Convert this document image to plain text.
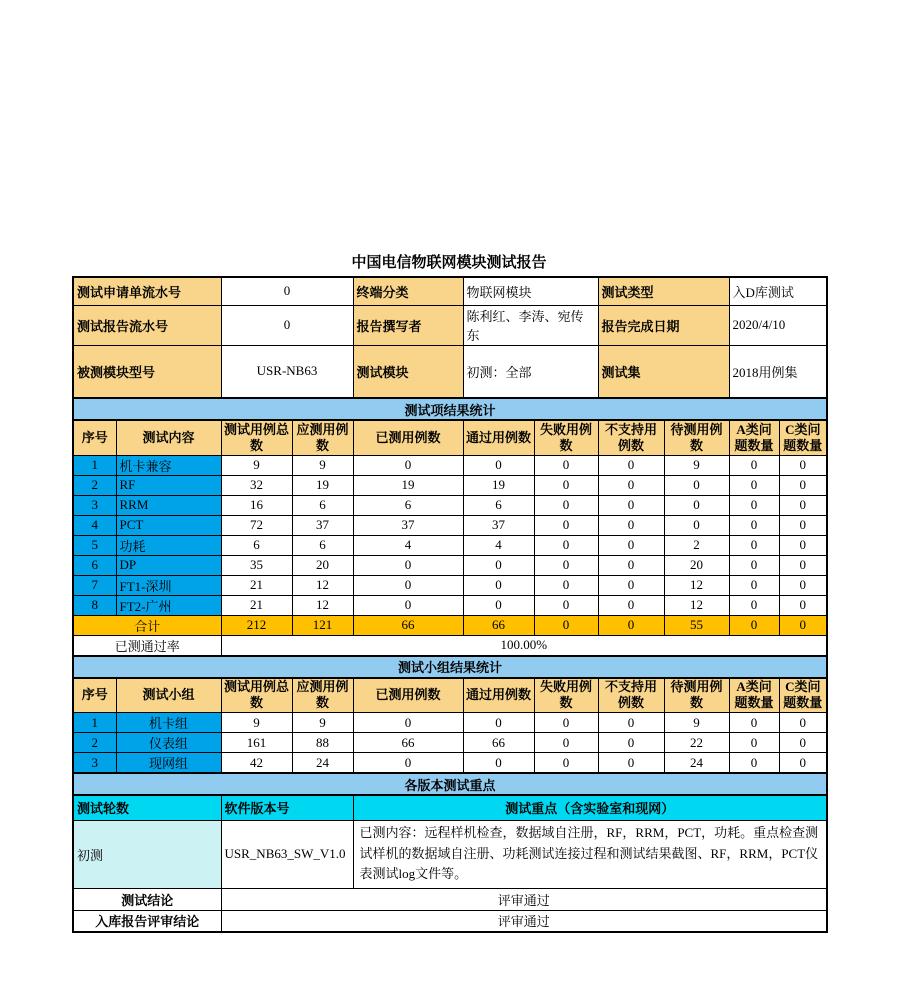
中国电信物联网模块测试报告
测试申请单流水号		0		终端分类	物联网模块		测试类型		入D库测试	
测试报告流水号		0		报告撰写者	陈利红、李涛、宛传东		报告完成日期		2020/4/10	
被测模块型号		USR-NB63		测试模块	初测：全部		测试集		2018用例集	
测试项结果统计										
序号	测试内容	测试用例总数	应测用例数	已测用例数	通过用例数	失败用例数	不支持用例数	待测用例数	A类问题数量	C类问题数量
1	机卡兼容	9	9	0	0	0	0	9	0	0
2	RF	32	19	19	19	0	0	0	0	0
3	RRM	16	6	6	6	0	0	0	0	0
4	PCT	72	37	37	37	0	0	0	0	0
5	功耗	6	6	4	4	0	0	2	0	0
6	DP	35	20	0	0	0	0	20	0	0
7	FT1-深圳	21	12	0	0	0	0	12	0	0
8	FT2-广州	21	12	0	0	0	0	12	0	0
合计		212	121	66	66	0	0	55	0	0
已测通过率		100.00%								
测试小组结果统计										
序号	测试小组	测试用例总数	应测用例数	已测用例数	通过用例数	失败用例数	不支持用例数	待测用例数	A类问题数量	C类问题数量
1	机卡组	9	9	0	0	0	0	9	0	0
2	仪表组	161	88	66	66	0	0	22	0	0
3	现网组	42	24	0	0	0	0	24	0	0
各版本测试重点										
测试轮数		软件版本号		测试重点（含实验室和现网）						
初测		USR_NB63_SW_V1.0		已测内容：远程样机检查，数据域自注册，RF，RRM，PCT，功耗。重点检查测试样机的数据域自注册、功耗测试连接过程和测试结果截图、RF，RRM，PCT仪表测试log文件等。						
测试结论		评审通过								
入库报告评审结论		评审通过								
